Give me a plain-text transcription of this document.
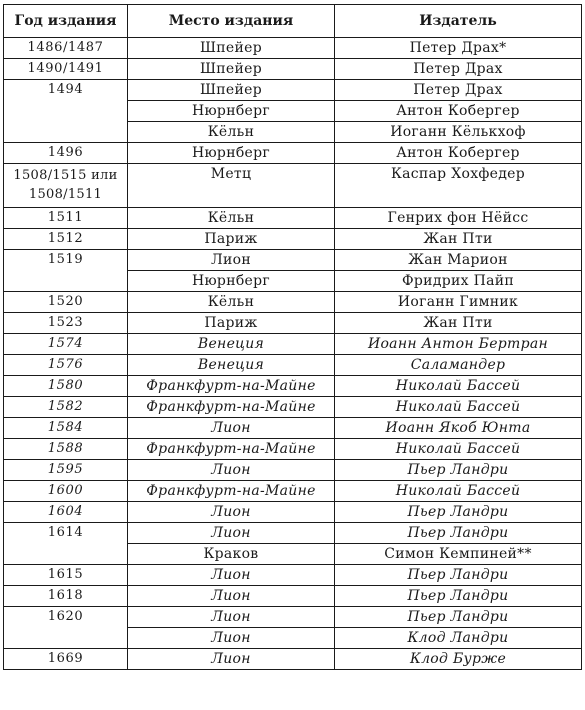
Год издания	Место издания	Издатель
1486/1487	Шпейер	Петер Драх*
1490/1491	Шпейер	Петер Драх
1494	Шпейер	Петер Драх
	Нюрнберг	Антон Кобергер
	Кёльн	Иоганн Кёлькхоф
1496	Нюрнберг	Антон Кобергер
1508/1515 или 1508/1511	Метц	Каспар Хохфедер
1511	Кёльн	Генрих фон Нёйсс
1512	Париж	Жан Пти
1519	Лион	Жан Марион
	Нюрнберг	Фридрих Пайп
1520	Кёльн	Иоганн Гимник
1523	Париж	Жан Пти
1574	Венеция	Иоанн Антон Бертран
1576	Венеция	Саламандер
1580	Франкфурт-на-Майне	Николай Бассей
1582	Франкфурт-на-Майне	Николай Бассей
1584	Лион	Иоанн Якоб Юнта
1588	Франкфурт-на-Майне	Николай Бассей
1595	Лион	Пьер Ландри
1600	Франкфурт-на-Майне	Николай Бассей
1604	Лион	Пьер Ландри
1614	Лион	Пьер Ландри
	Краков	Симон Кемпиней**
1615	Лион	Пьер Ландри
1618	Лион	Пьер Ландри
1620	Лион	Пьер Ландри
	Лион	Клод Ландри
1669	Лион	Клод Бурже
